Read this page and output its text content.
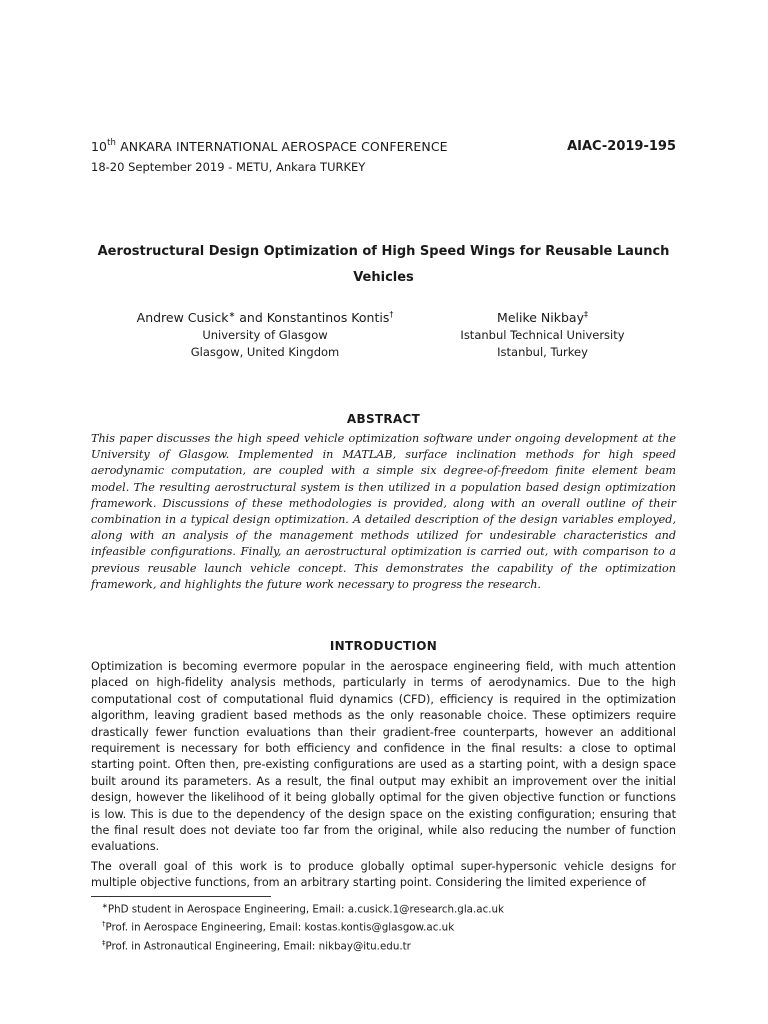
10th ANKARA INTERNATIONAL AEROSPACE CONFERENCE	AIAC-2019-195
18-20 September 2019 - METU, Ankara TURKEY
Aerostructural Design Optimization of High Speed Wings for Reusable Launch Vehicles
Andrew Cusick∗ and Konstantinos Kontis†
University of Glasgow
Glasgow, United Kingdom
Melike Nikbay‡
Istanbul Technical University
Istanbul, Turkey
ABSTRACT
This paper discusses the high speed vehicle optimization software under ongoing development at the University of Glasgow. Implemented in MATLAB, surface inclination methods for high speed aerodynamic computation, are coupled with a simple six degree-of-freedom finite element beam model. The resulting aerostructural system is then utilized in a population based design optimization framework. Discussions of these methodologies is provided, along with an overall outline of their combination in a typical design optimization. A detailed description of the design variables employed, along with an analysis of the management methods utilized for undesirable characteristics and infeasible configurations. Finally, an aerostructural optimization is carried out, with comparison to a previous reusable launch vehicle concept. This demonstrates the capability of the optimization framework, and highlights the future work necessary to progress the research.
INTRODUCTION
Optimization is becoming evermore popular in the aerospace engineering field, with much attention placed on high-fidelity analysis methods, particularly in terms of aerodynamics. Due to the high computational cost of computational fluid dynamics (CFD), efficiency is required in the optimization algorithm, leaving gradient based methods as the only reasonable choice. These optimizers require drastically fewer function evaluations than their gradient-free counterparts, however an additional requirement is necessary for both efficiency and confidence in the final results: a close to optimal starting point. Often then, pre-existing configurations are used as a starting point, with a design space built around its parameters. As a result, the final output may exhibit an improvement over the initial design, however the likelihood of it being globally optimal for the given objective function or functions is low. This is due to the dependency of the design space on the existing configuration; ensuring that the final result does not deviate too far from the original, while also reducing the number of function evaluations.
The overall goal of this work is to produce globally optimal super-hypersonic vehicle designs for multiple objective functions, from an arbitrary starting point. Considering the limited experience of
∗PhD student in Aerospace Engineering, Email: a.cusick.1@research.gla.ac.uk
†Prof. in Aerospace Engineering, Email: kostas.kontis@glasgow.ac.uk
‡Prof. in Astronautical Engineering, Email: nikbay@itu.edu.tr
